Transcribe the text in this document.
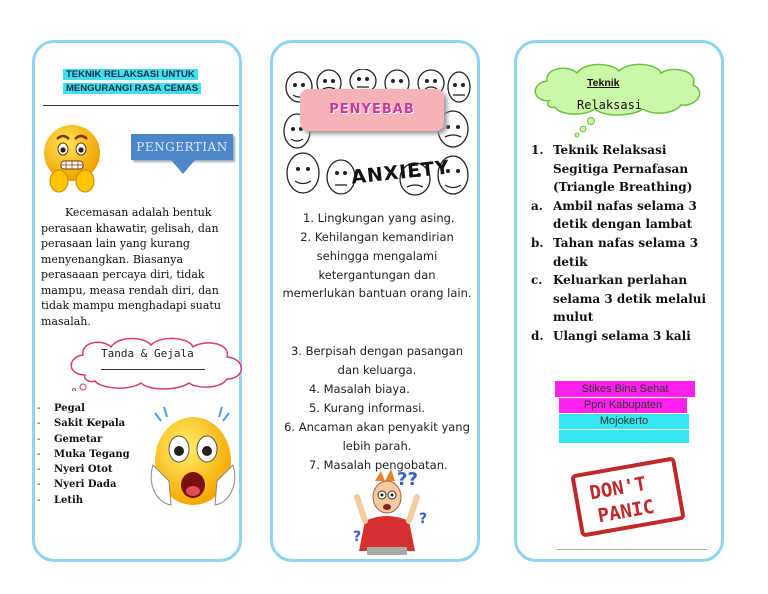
TEKNIK RELAKSASI UNTUK
MENGURANGI RASA CEMAS
PENGERTIAN
Kecemasan adalah bentuk perasaan khawatir, gelisah, dan perasaan lain yang kurang menyenangkan. Biasanya perasaaan percaya diri, tidak mampu, measa rendah diri, dan tidak mampu menghadapi suatu masalah.
Tanda & Gejala
- Pegal
- Sakit Kepala
- Gemetar
- Muka Tegang
- Nyeri Otot
- Nyeri Dada
- Letih
ANXIETY
PENYEBAB
1. Lingkungan yang asing.
2. Kehilangan kemandirian sehingga mengalami ketergantungan dan memerlukan bantuan orang lain.
3. Berpisah dengan pasangan dan keluarga.
4. Masalah biaya.
5. Kurang informasi.
6. Ancaman akan penyakit yang lebih parah.
7. Masalah pengobatan.
??
?
?
Teknik
Relaksasi
1. Teknik Relaksasi Segitiga Pernafasan (Triangle Breathing)
a. Ambil nafas selama 3 detik dengan lambat
b. Tahan nafas selama 3 detik
c. Keluarkan perlahan selama 3 detik melalui mulut
d. Ulangi selama 3 kali
Stikes Bina Sehat
Ppni Kabupaten
Mojokerto
DON'T
PANIC
